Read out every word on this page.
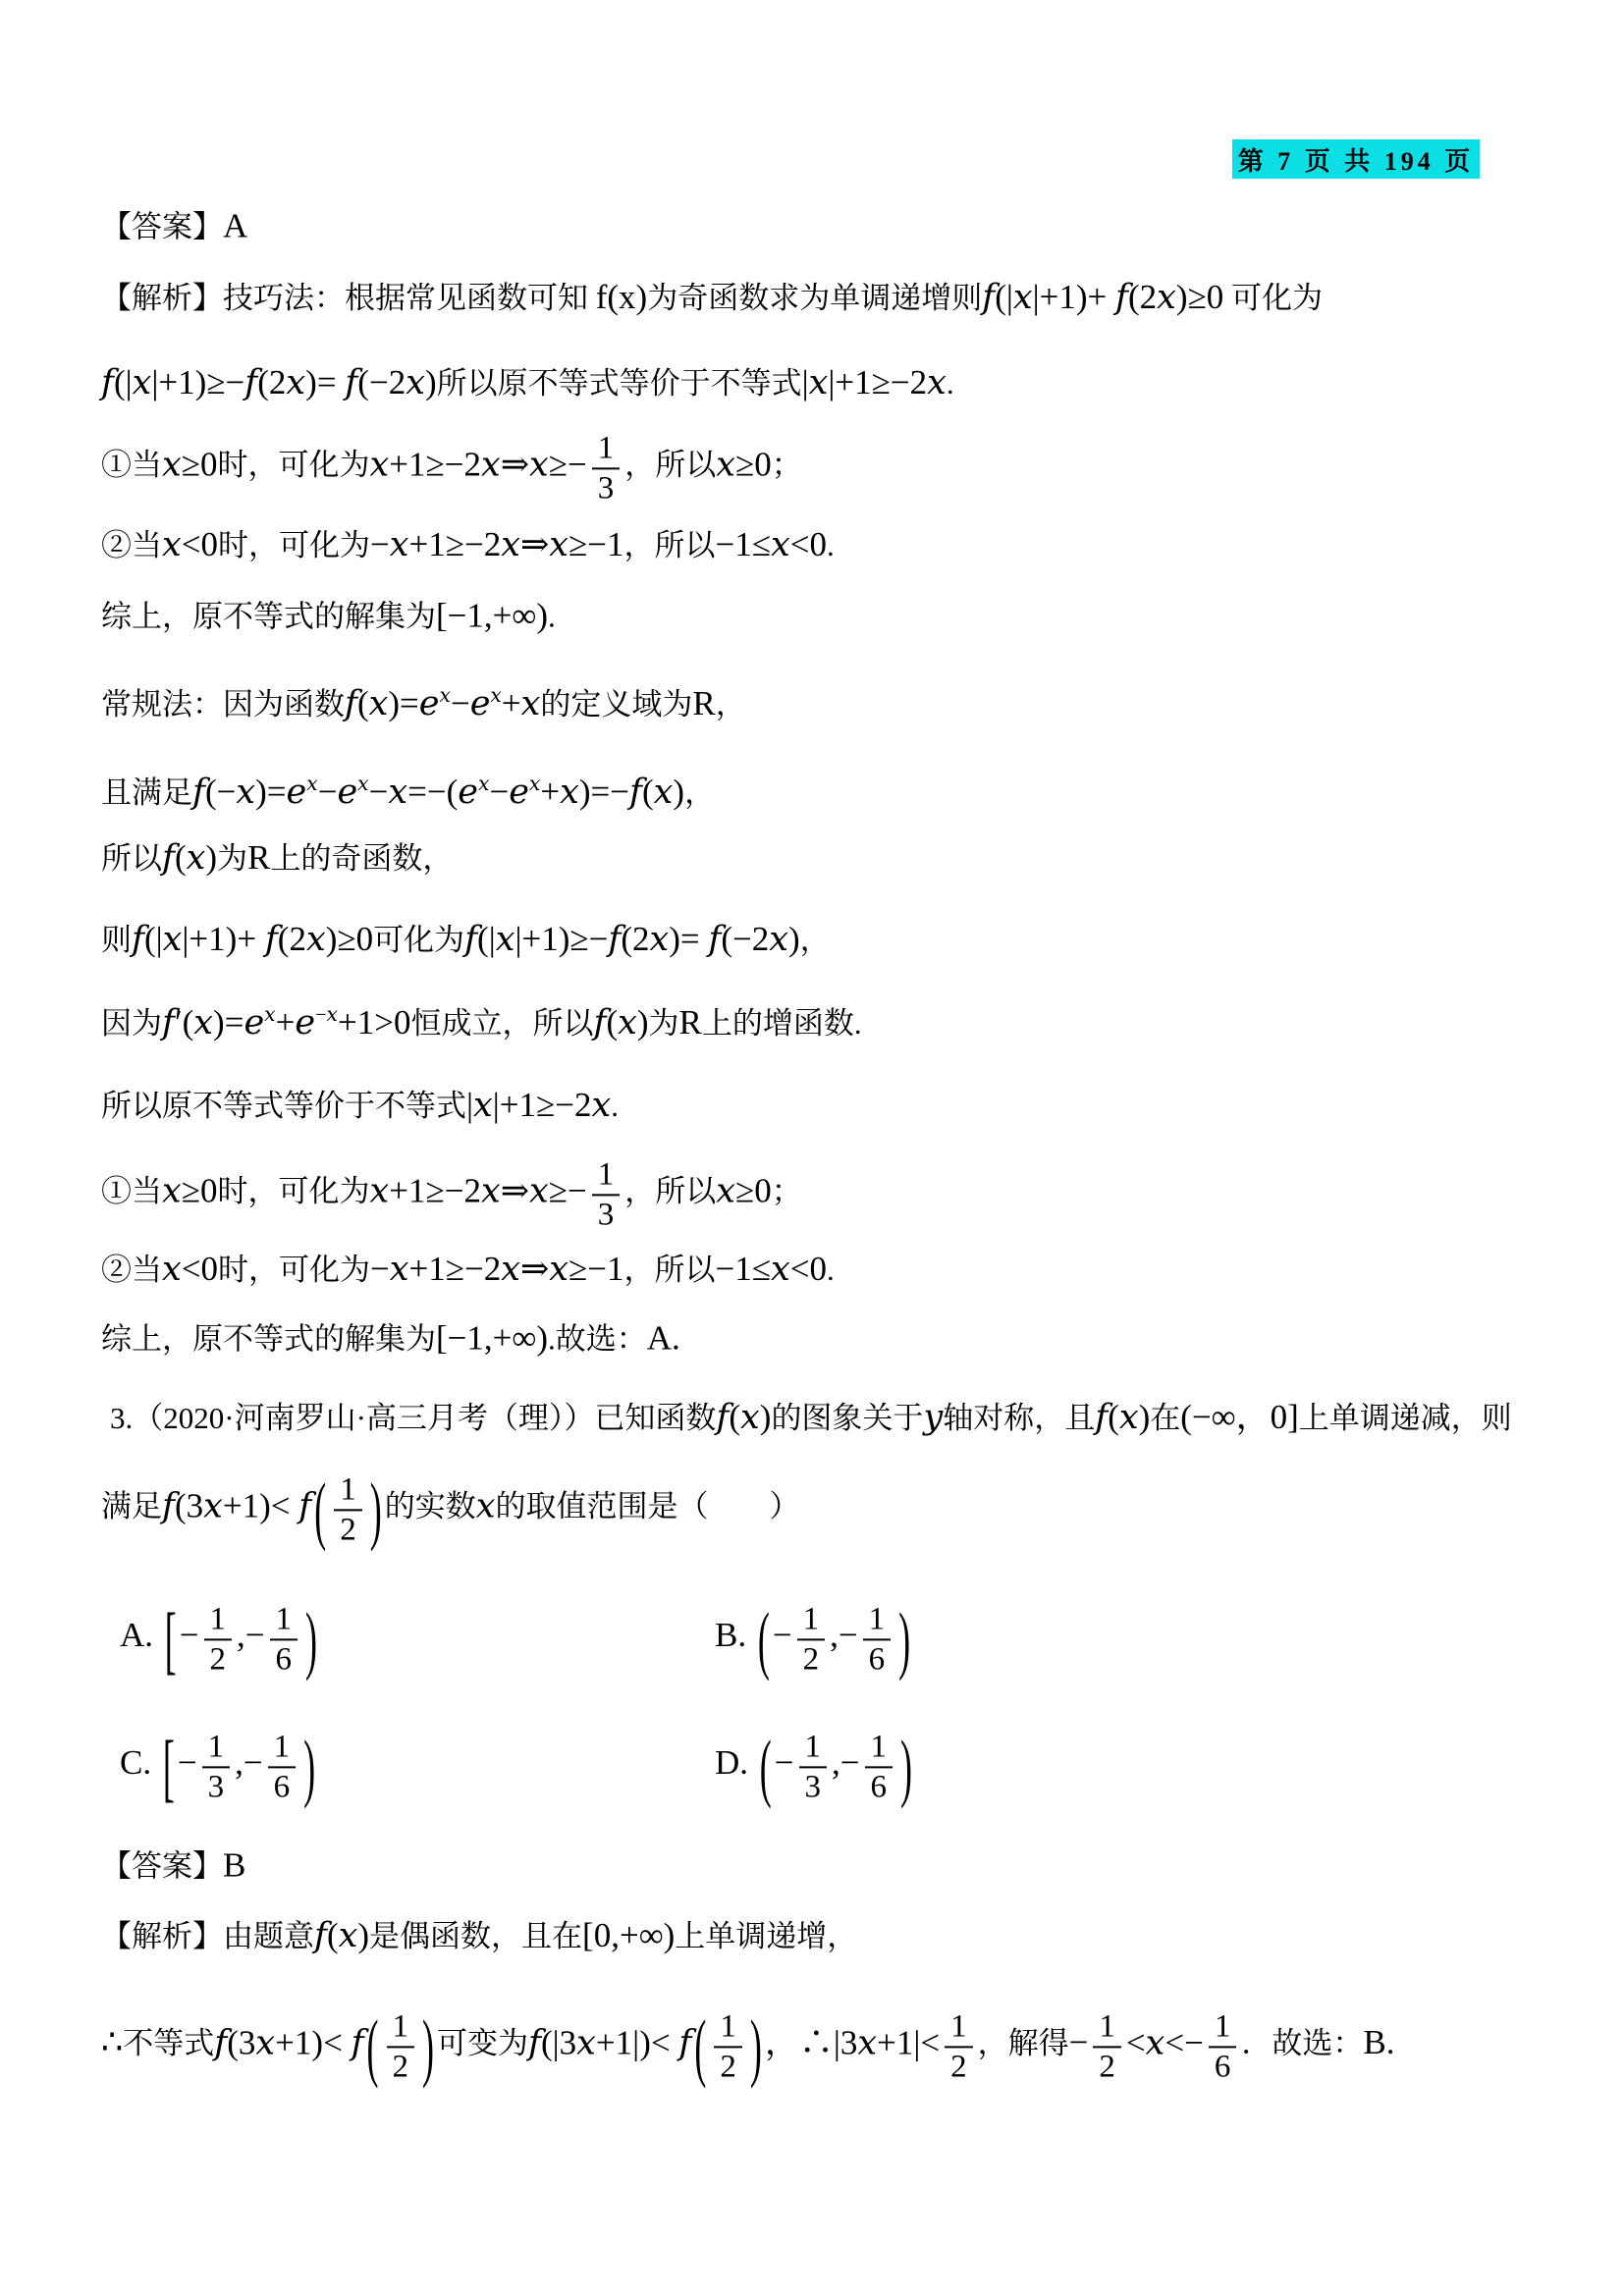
第 7 页 共 194 页
【答案】A
【解析】技巧法：根据常见函数可知 f(x)为奇函数求为单调递增则f(|x|+1)+ f(2x)≥0 可化为
f(|x|+1)≥−f(2x)= f(−2x)所以原不等式等价于不等式|x|+1≥−2x.
①当x≥0时，可化为x+1≥−2x⇒x≥− $\frac{1}{3}$ ，所以x≥0；
②当x<0时，可化为−x+1≥−2x⇒x≥−1，所以−1≤x<0.
综上，原不等式的解集为[−1,+∞).
常规法：因为函数$f(x)=e^x-e^x+x$的定义域为R，
且满足$f(-x)=e^x-e^x-x=-(e^x-e^x+x)=-f(x)$，
所以f(x)为R上的奇函数，
则f(|x|+1)+ f(2x)≥0可化为f(|x|+1)≥−f(2x)= f(−2x)，
因为$f'(x)=e^x+e^{-x}+1>0$恒成立，所以f(x)为R上的增函数.
所以原不等式等价于不等式|x|+1≥−2x.
①当x≥0时，可化为x+1≥−2x⇒x≥− $\frac{1}{3}$ ，所以x≥0；
②当x<0时，可化为−x+1≥−2x⇒x≥−1，所以−1≤x<0.
综上，原不等式的解集为[−1,+∞).故选：A.
3.（2020·河南罗山·高三月考（理））已知函数f(x)的图象关于y轴对称，且f(x)在(−∞，0]上单调递减，则
满足$f(3x+1)< f( \frac{1}{2}$ )的实数x的取值范围是（　　）
A. [− $\frac{1}{2}$ ,− $\frac{1}{6}$ )	B. (− $\frac{1}{2}$ ,− $\frac{1}{6}$ )
C. [− $\frac{1}{3}$ ,− $\frac{1}{6}$ )	D. (− $\frac{1}{3}$ ,− $\frac{1}{6}$ )
【答案】B
【解析】由题意f(x)是偶函数，且在[0,+∞)上单调递增，
∴不等式$f(3x+1)< f( \frac{1}{2}$ )可变为$f(|3x+1|)< f( \frac{1}{2}$ )，∴|3x+1|< $\frac{1}{2}$ ，解得− $\frac{1}{2} <x<- \frac{1}{6}$ ．故选：B.
